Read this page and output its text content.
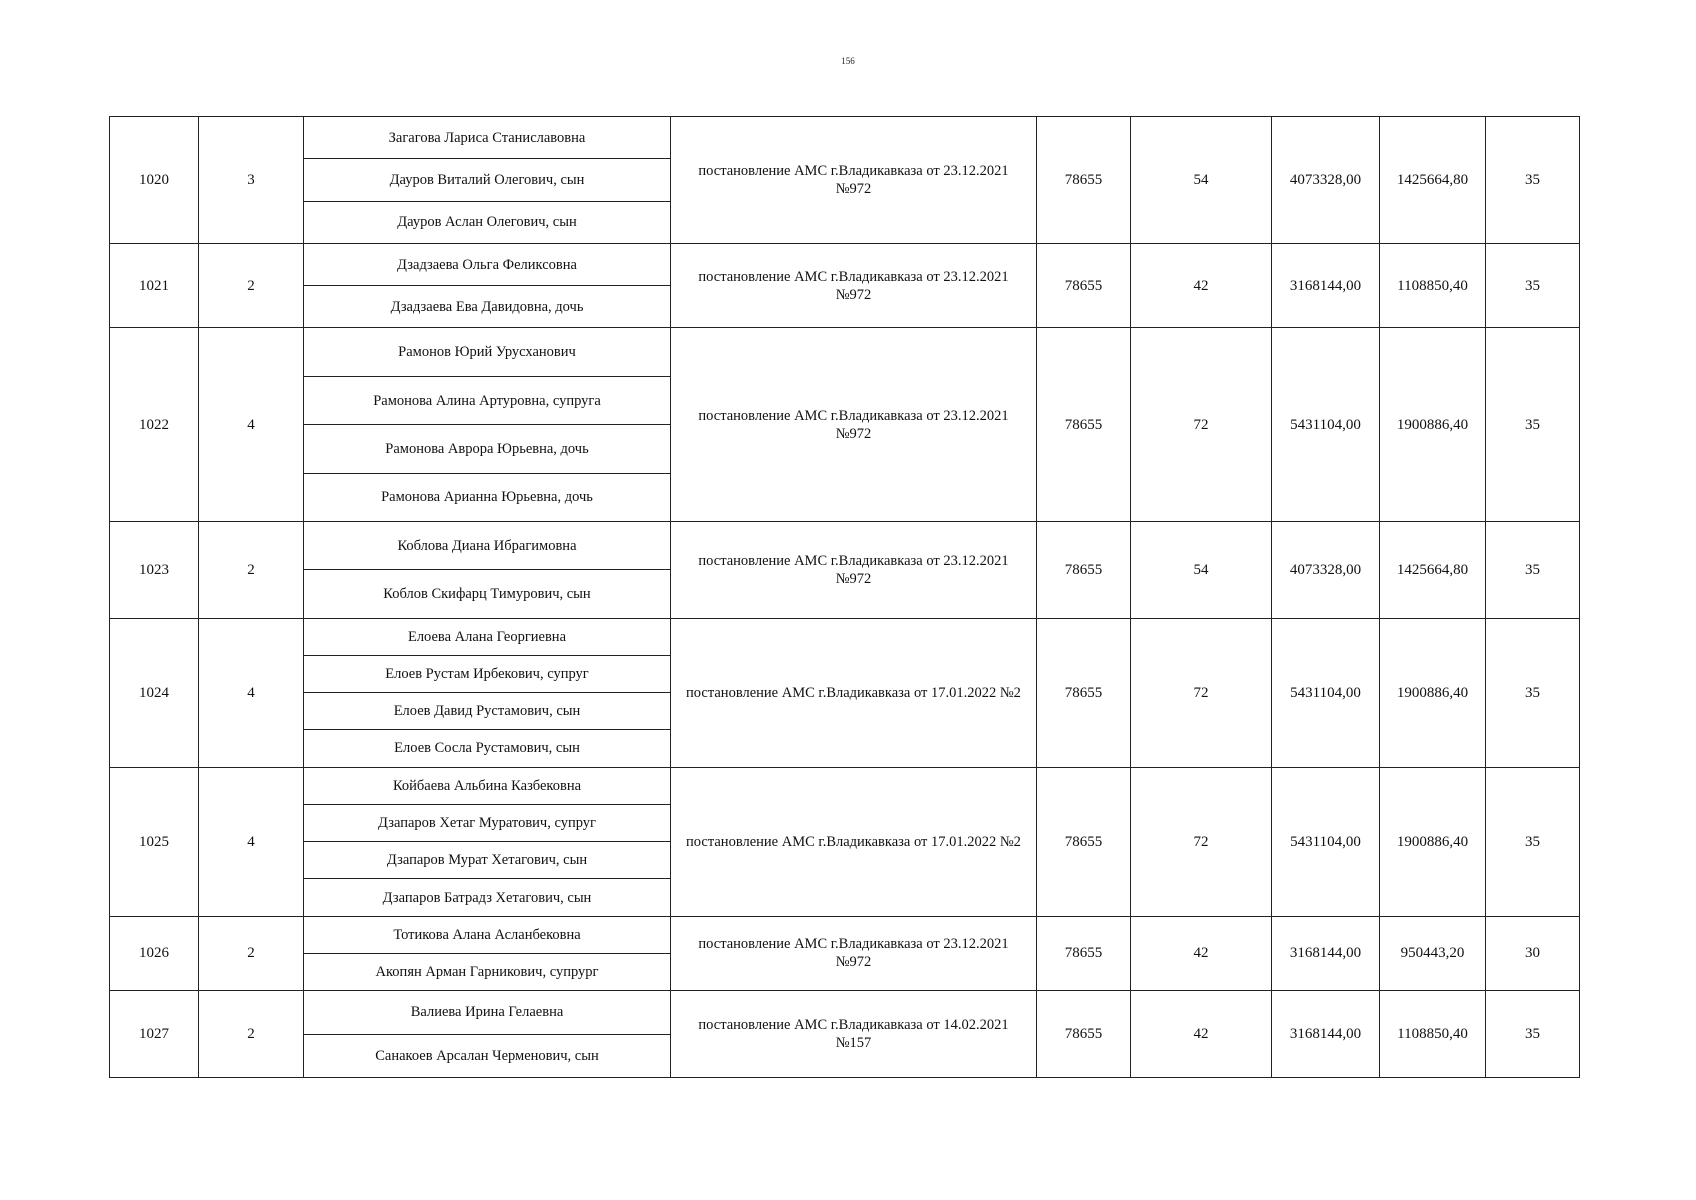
156
1020	3	Загагова Лариса Станиславовна	постановление АМС г.Владикавказа от 23.12.2021 №972	78655	54	4073328,00	1425664,80	35
		Дауров Виталий Олегович, сын						
		Дауров Аслан Олегович, сын						
1021	2	Дзадзаева Ольга Феликсовна	постановление АМС г.Владикавказа от 23.12.2021 №972	78655	42	3168144,00	1108850,40	35
		Дзадзаева Ева Давидовна, дочь						
1022	4	Рамонов Юрий Урусханович	постановление АМС г.Владикавказа от 23.12.2021 №972	78655	72	5431104,00	1900886,40	35
		Рамонова Алина Артуровна, супруга						
		Рамонова Аврора Юрьевна, дочь						
		Рамонова Арианна Юрьевна, дочь						
1023	2	Коблова Диана Ибрагимовна	постановление АМС г.Владикавказа от 23.12.2021 №972	78655	54	4073328,00	1425664,80	35
		Коблов Скифарц Тимурович, сын						
1024	4	Елоева Алана Георгиевна	постановление АМС г.Владикавказа от 17.01.2022 №2	78655	72	5431104,00	1900886,40	35
		Елоев Рустам Ирбекович, супруг						
		Елоев Давид Рустамович, сын						
		Елоев Сосла Рустамович, сын						
1025	4	Койбаева Альбина Казбековна	постановление АМС г.Владикавказа от 17.01.2022 №2	78655	72	5431104,00	1900886,40	35
		Дзапаров Хетаг Муратович, супруг						
		Дзапаров Мурат Хетагович, сын						
		Дзапаров Батрадз Хетагович, сын						
1026	2	Тотикова Алана Асланбековна	постановление АМС г.Владикавказа от 23.12.2021 №972	78655	42	3168144,00	950443,20	30
		Акопян Арман Гарникович, супрург						
1027	2	Валиева Ирина Гелаевна	постановление АМС г.Владикавказа от 14.02.2021 №157	78655	42	3168144,00	1108850,40	35
		Санакоев Арсалан Черменович, сын						
